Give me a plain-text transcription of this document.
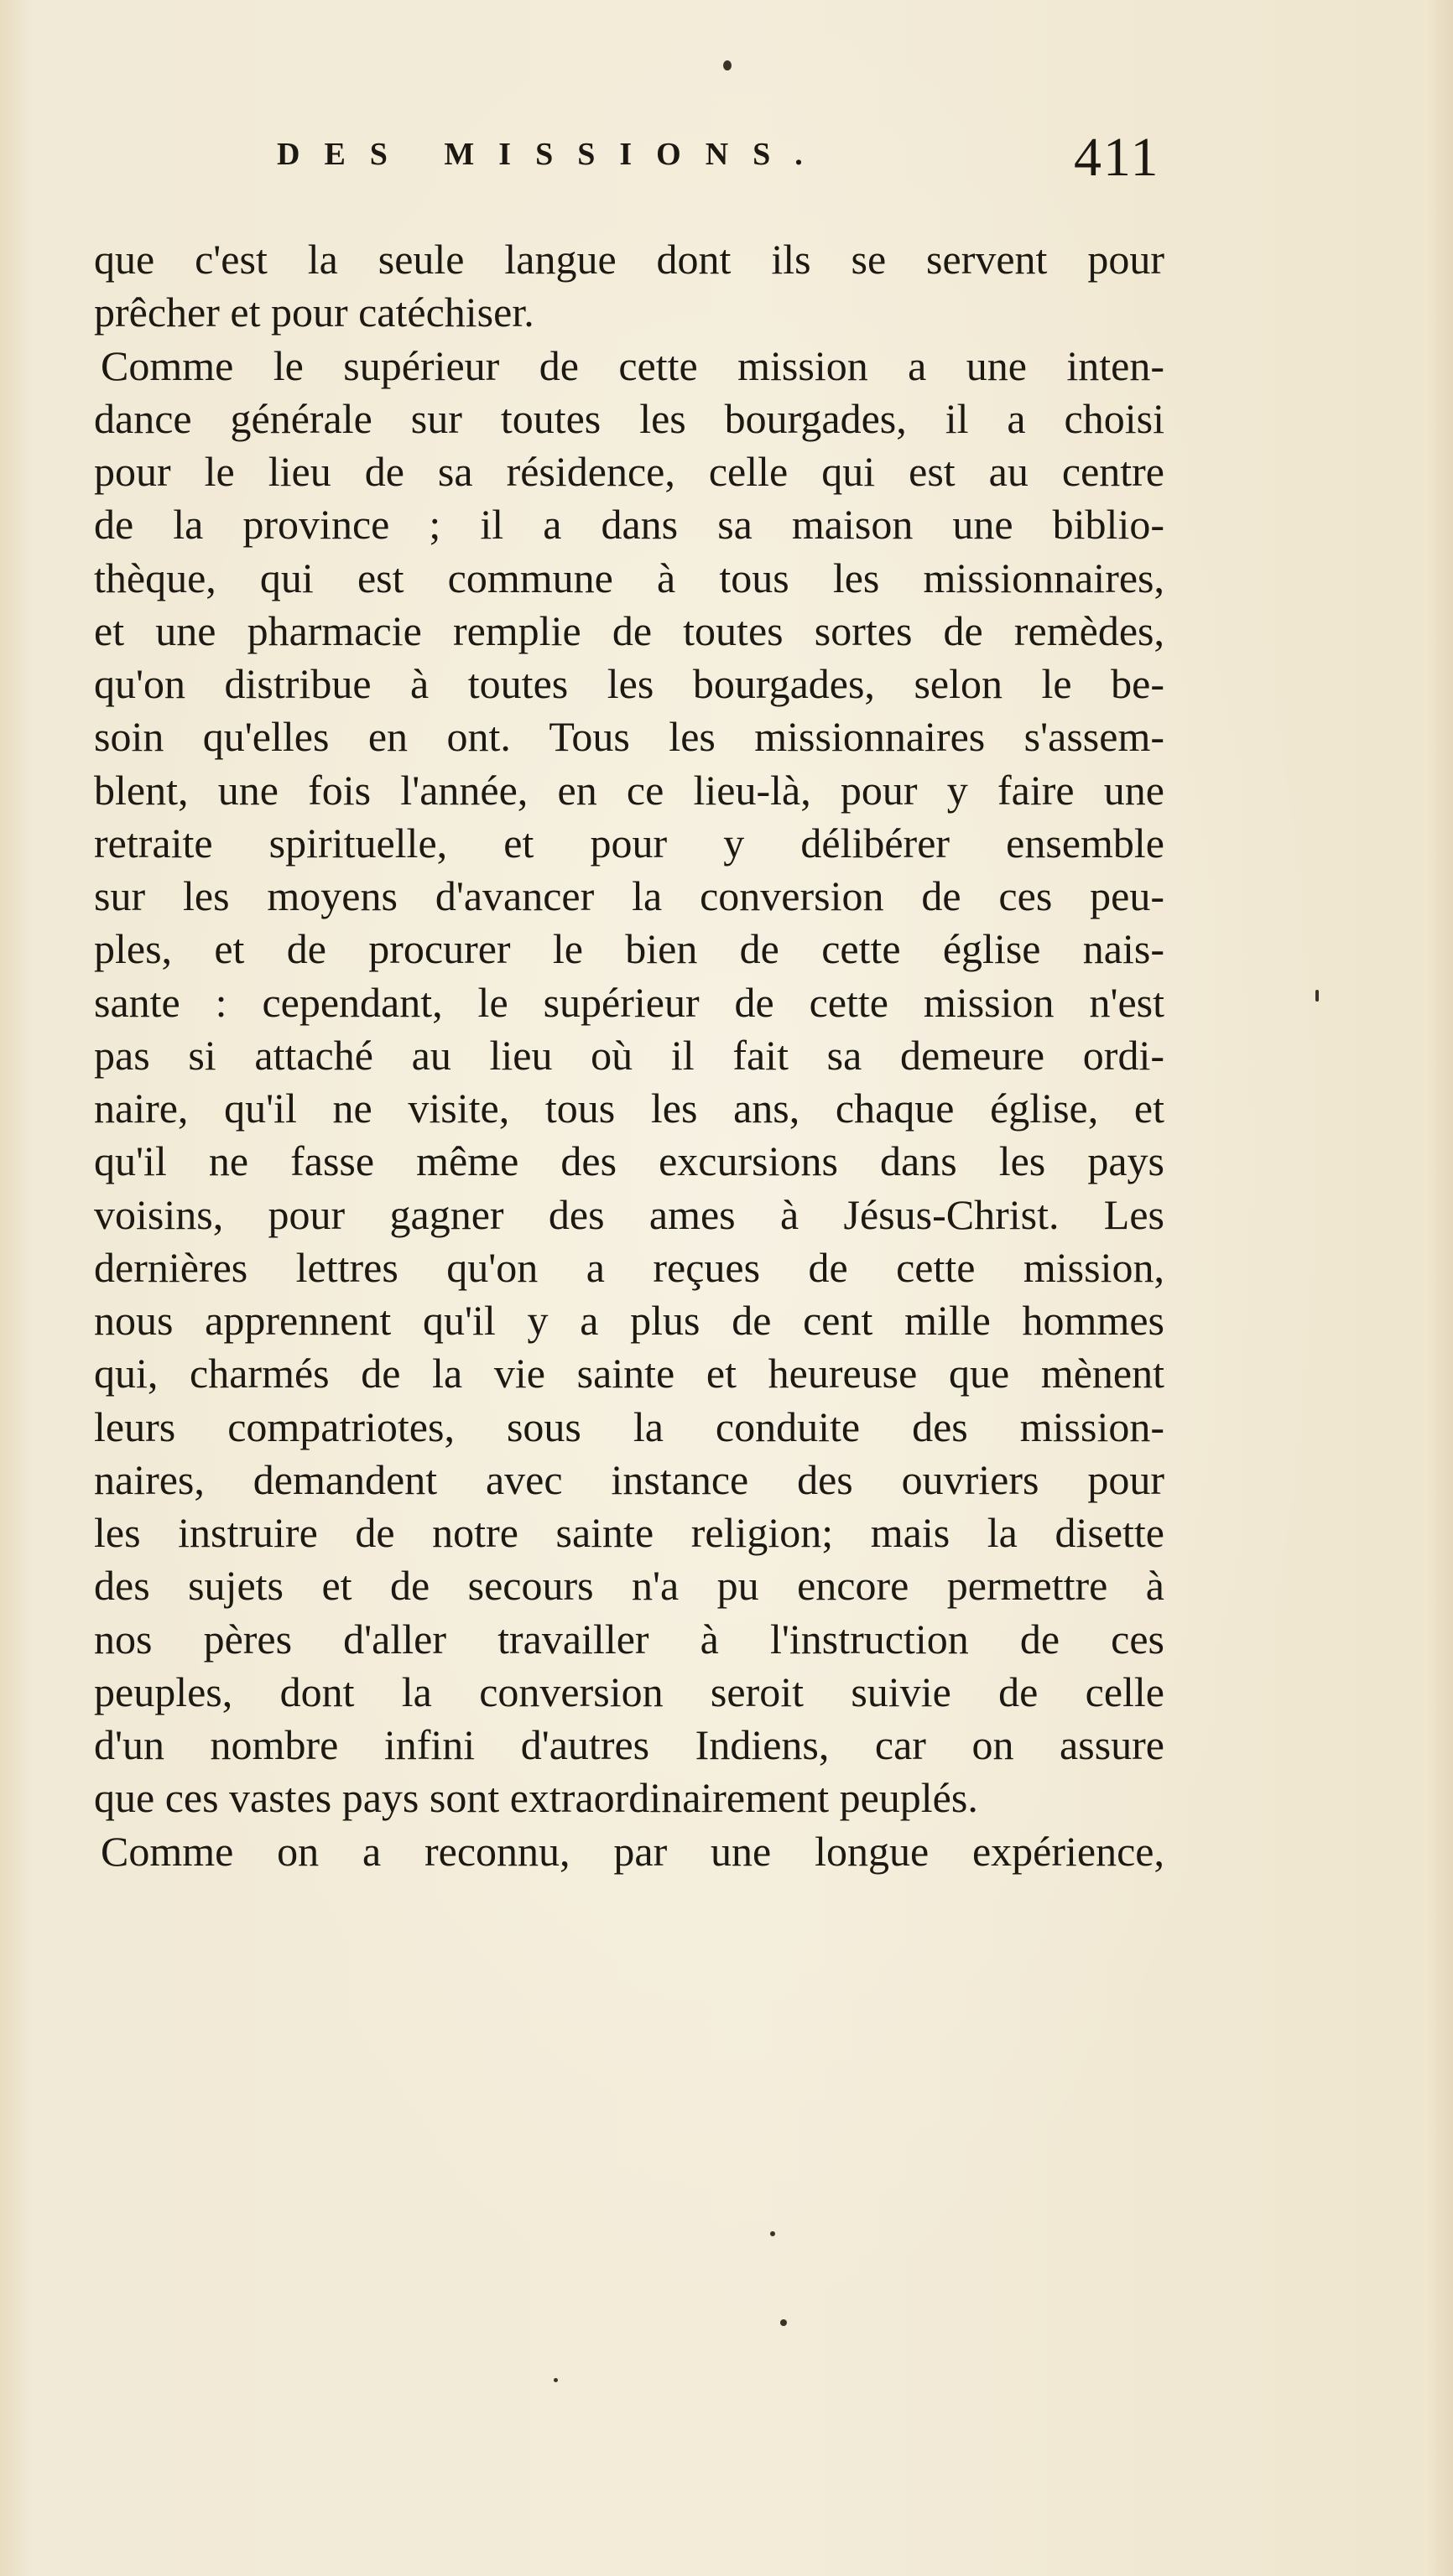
DES MISSIONS.	411
que c'est la seule langue dont ils se servent pour
prêcher et pour catéchiser.
Comme le supérieur de cette mission a une inten-
dance générale sur toutes les bourgades, il a choisi
pour le lieu de sa résidence, celle qui est au centre
de la province ; il a dans sa maison une biblio-
thèque, qui est commune à tous les missionnaires,
et une pharmacie remplie de toutes sortes de remèdes,
qu'on distribue à toutes les bourgades, selon le be-
soin qu'elles en ont. Tous les missionnaires s'assem-
blent, une fois l'année, en ce lieu-là, pour y faire une
retraite spirituelle, et pour y délibérer ensemble
sur les moyens d'avancer la conversion de ces peu-
ples, et de procurer le bien de cette église nais-
sante : cependant, le supérieur de cette mission n'est
pas si attaché au lieu où il fait sa demeure ordi-
naire, qu'il ne visite, tous les ans, chaque église, et
qu'il ne fasse même des excursions dans les pays
voisins, pour gagner des ames à Jésus-Christ. Les
dernières lettres qu'on a reçues de cette mission,
nous apprennent qu'il y a plus de cent mille hommes
qui, charmés de la vie sainte et heureuse que mènent
leurs compatriotes, sous la conduite des mission-
naires, demandent avec instance des ouvriers pour
les instruire de notre sainte religion; mais la disette
des sujets et de secours n'a pu encore permettre à
nos pères d'aller travailler à l'instruction de ces
peuples, dont la conversion seroit suivie de celle
d'un nombre infini d'autres Indiens, car on assure
que ces vastes pays sont extraordinairement peuplés.
Comme on a reconnu, par une longue expérience,
